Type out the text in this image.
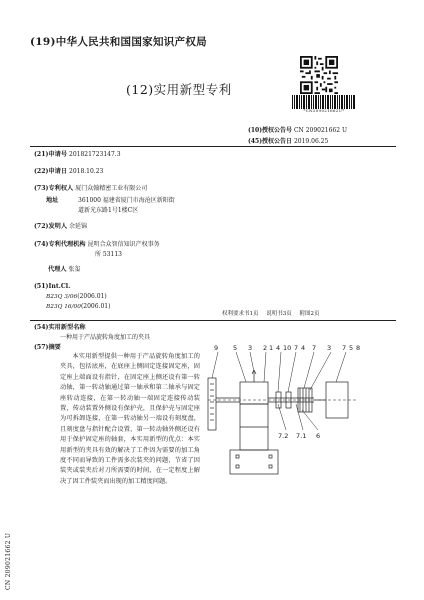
(19)中华人民共和国国家知识产权局
(12)实用新型专利
*CN209021662U*
(10)授权公告号 CN 209021662 U
(45)授权公告日 2019.06.25
(21)申请号 201821723147.3
(22)申请日 2018.10.23
(73)专利权人 厦门众翰精密工业有限公司
地址	361000 福建省厦门市海沧区新阳街
道新光东路1号1楼C区
(72)发明人 余延锦
(74)专利代理机构 昆明合众智信知识产权事务
所 53113
代理人 张玺
(51)Int.Cl.
B23Q 3/06(2006.01)
B23Q 16/00(2006.01)
权利要求书1页 说明书3页 附图2页
(54)实用新型名称
一种用于产品旋转角度加工的夹具
(57)摘要

本实用新型提供一种用于产品旋转角度加工的夹具，包括底座，在底座上侧固定连接固定座，固定座上端面设有指针，在固定座上侧还设有第一转动轴，第一转动轴通过第一轴承和第二轴承与固定座转动连接，在第一转动轴一端固定连接传动装置，传动装置外侧设有保护壳，且保护壳与固定座为可拆卸连接，在第一转动轴另一端设有刻度盘，且刻度盘与指针配合设置，第一转动轴外侧还设有用于保护固定座的轴套，本实用新型的优点：本实用新型的夹具有效的解决了工件因为需要的加工角度不同而导致的工件需多次装夹的问题，节省了因装夹或装夹后对刀所需要的时间，在一定程度上解决了因工件装夹而出现的加工精度问题。

CN 209021662 U
9 5 3 2 1 4 10 7 4 7 3 7 5 8
7.2 7.1 6
